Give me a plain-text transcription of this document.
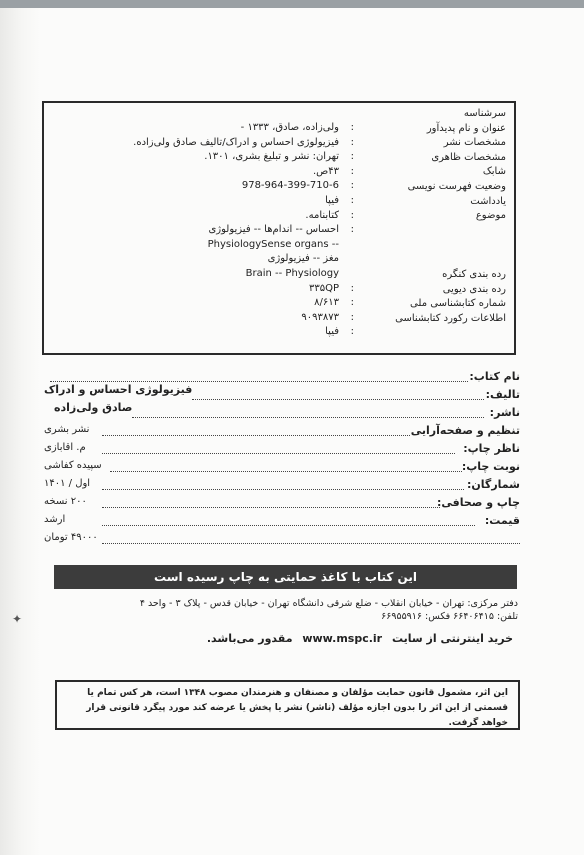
سرشناسه
عنوان و نام پدیدآور
مشخصات نشر
مشخصات ظاهری
شابک
وضعیت فهرست نویسی
یادداشت
موضوع
:
:
:
:
:
:
:
:

:
:
:
:
ولی‌زاده، صادق، ۱۳۳۳ -
فیزیولوژی احساس و ادراک/تالیف صادق ولی‌زاده.
تهران: نشر و تبلیغ بشری، ۱۳۰۱.
۴۳ص.
978-964-399-710-6
فیپا
کتابنامه.
احساس -- اندام‌ها -- فیزیولوژی
PhysiologySense organs --
مغز -- فیزیولوژی
Brain -- Physiology
۳۳۵QP
۸/۶۱۳
۹۰۹۳۸۷۳
فیپا
رده بندی کنگره
رده بندی دیویی
شماره کتابشناسی ملی
اطلاعات رکورد کتابشناسی
نام کتاب:
تالیف:
فیزیولوژی احساس و ادراک
ناشر:
صادق ولی‌زاده
تنظیم و صفحه‌آرایی
نشر بشری
ناظر چاپ:
م. اقابازی
نوبت چاپ:
سپیده کفاشی
شمارگان:
اول / ۱۴۰۱
چاپ و صحافی:
۲۰۰ نسخه
قیمت:
ارشد
۴۹۰۰۰ تومان
این کتاب با کاغذ حمایتی به چاپ رسیده است
دفتر مرکزی: تهران - خیابان انقلاب - ضلع شرقی دانشگاه تهران - خیابان قدس - پلاک ۳ - واحد ۴
تلفن: ۶۶۴۰۶۴۱۵ فکس: ۶۶۹۵۵۹۱۶
خرید اینترنتی از سایت www.mspc.ir مقدور می‌باشد.
این اثر، مشمول قانون حمایت مؤلفان و مصنفان و هنرمندان مصوب ۱۳۴۸ است، هر کس تمام یا قسمتی از این اثر را بدون اجازه مؤلف (ناشر) نشر یا پخش یا عرضه کند مورد پیگرد قانونی قرار خواهد گرفت.
✦
